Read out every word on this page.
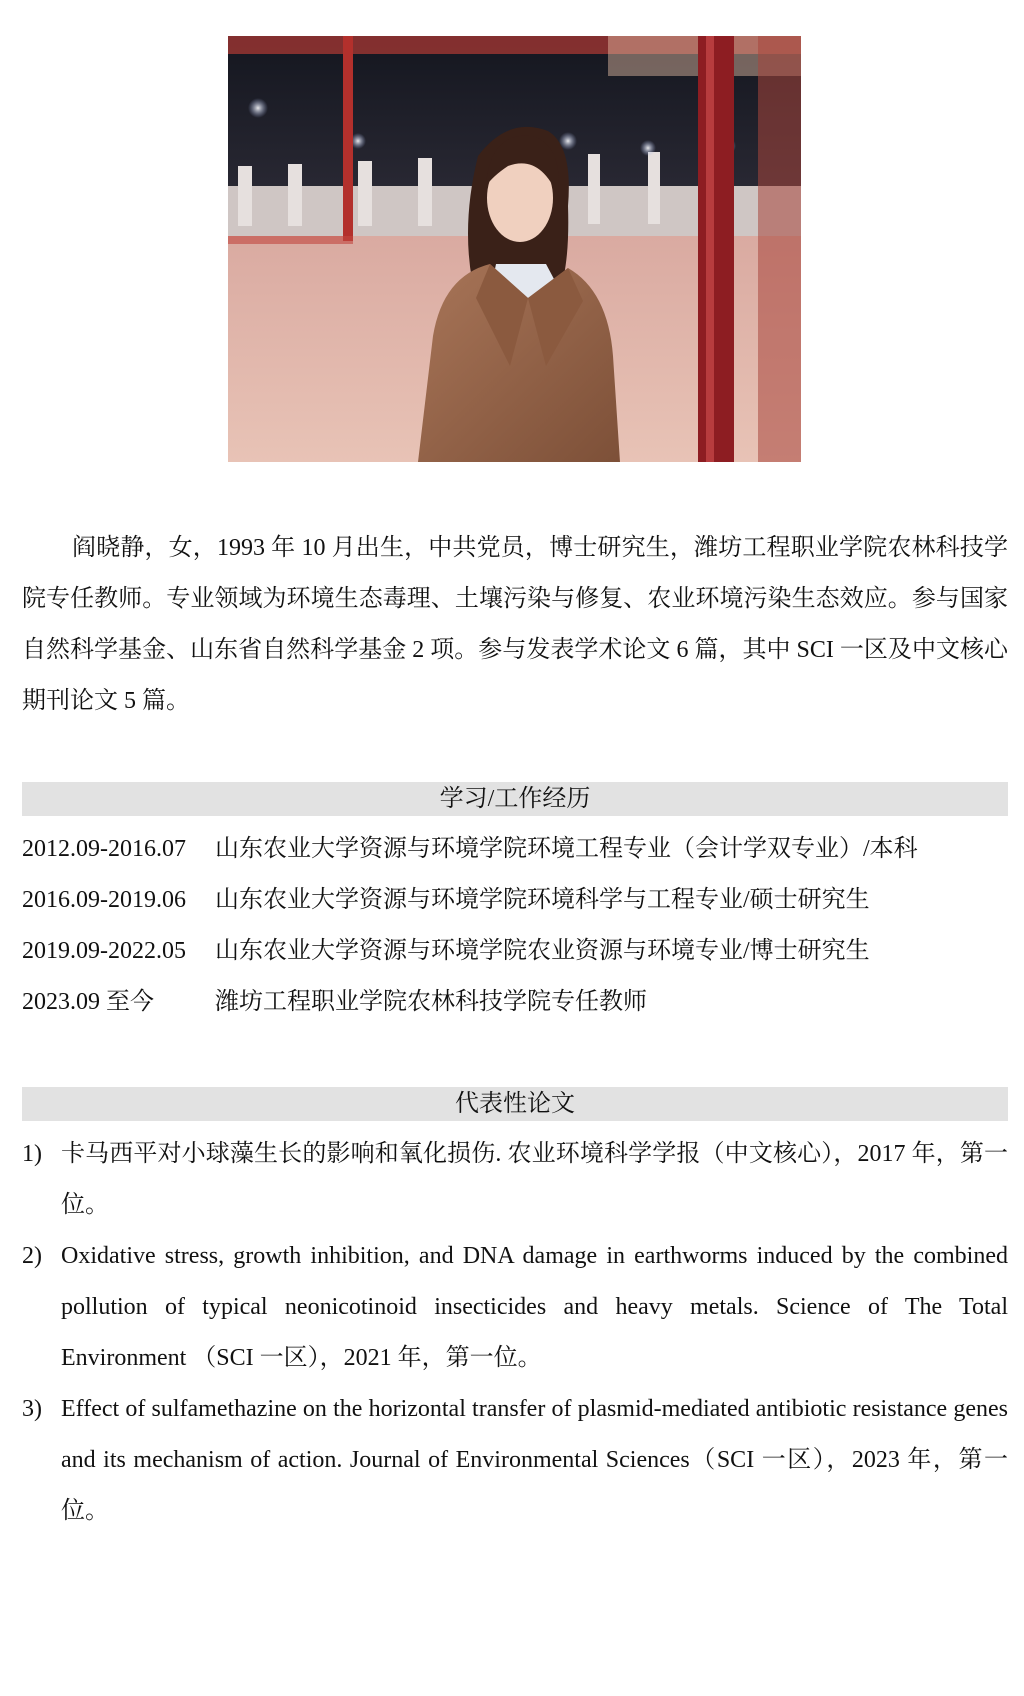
阎晓静，女，1993 年 10 月出生，中共党员，博士研究生，潍坊工程职业学院农林科技学院专任教师。专业领域为环境生态毒理、土壤污染与修复、农业环境污染生态效应。参与国家自然科学基金、山东省自然科学基金 2 项。参与发表学术论文 6 篇，其中 SCI 一区及中文核心期刊论文 5 篇。

学习/工作经历
2012.09-2016.07 山东农业大学资源与环境学院环境工程专业（会计学双专业）/本科
2016.09-2019.06 山东农业大学资源与环境学院环境科学与工程专业/硕士研究生
2019.09-2022.05 山东农业大学资源与环境学院农业资源与环境专业/博士研究生
2023.09 至今	潍坊工程职业学院农林科技学院专任教师
代表性论文
1) 卡马西平对小球藻生长的影响和氧化损伤. 农业环境科学学报（中文核心），2017 年，第一位。
2) Oxidative stress, growth inhibition, and DNA damage in earthworms induced by the combined pollution of typical neonicotinoid insecticides and heavy metals. Science of The Total Environment （SCI 一区），2021 年，第一位。
3) Effect of sulfamethazine on the horizontal transfer of plasmid-mediated antibiotic resistance genes and its mechanism of action. Journal of Environmental Sciences（SCI 一区），2023 年，第一位。
